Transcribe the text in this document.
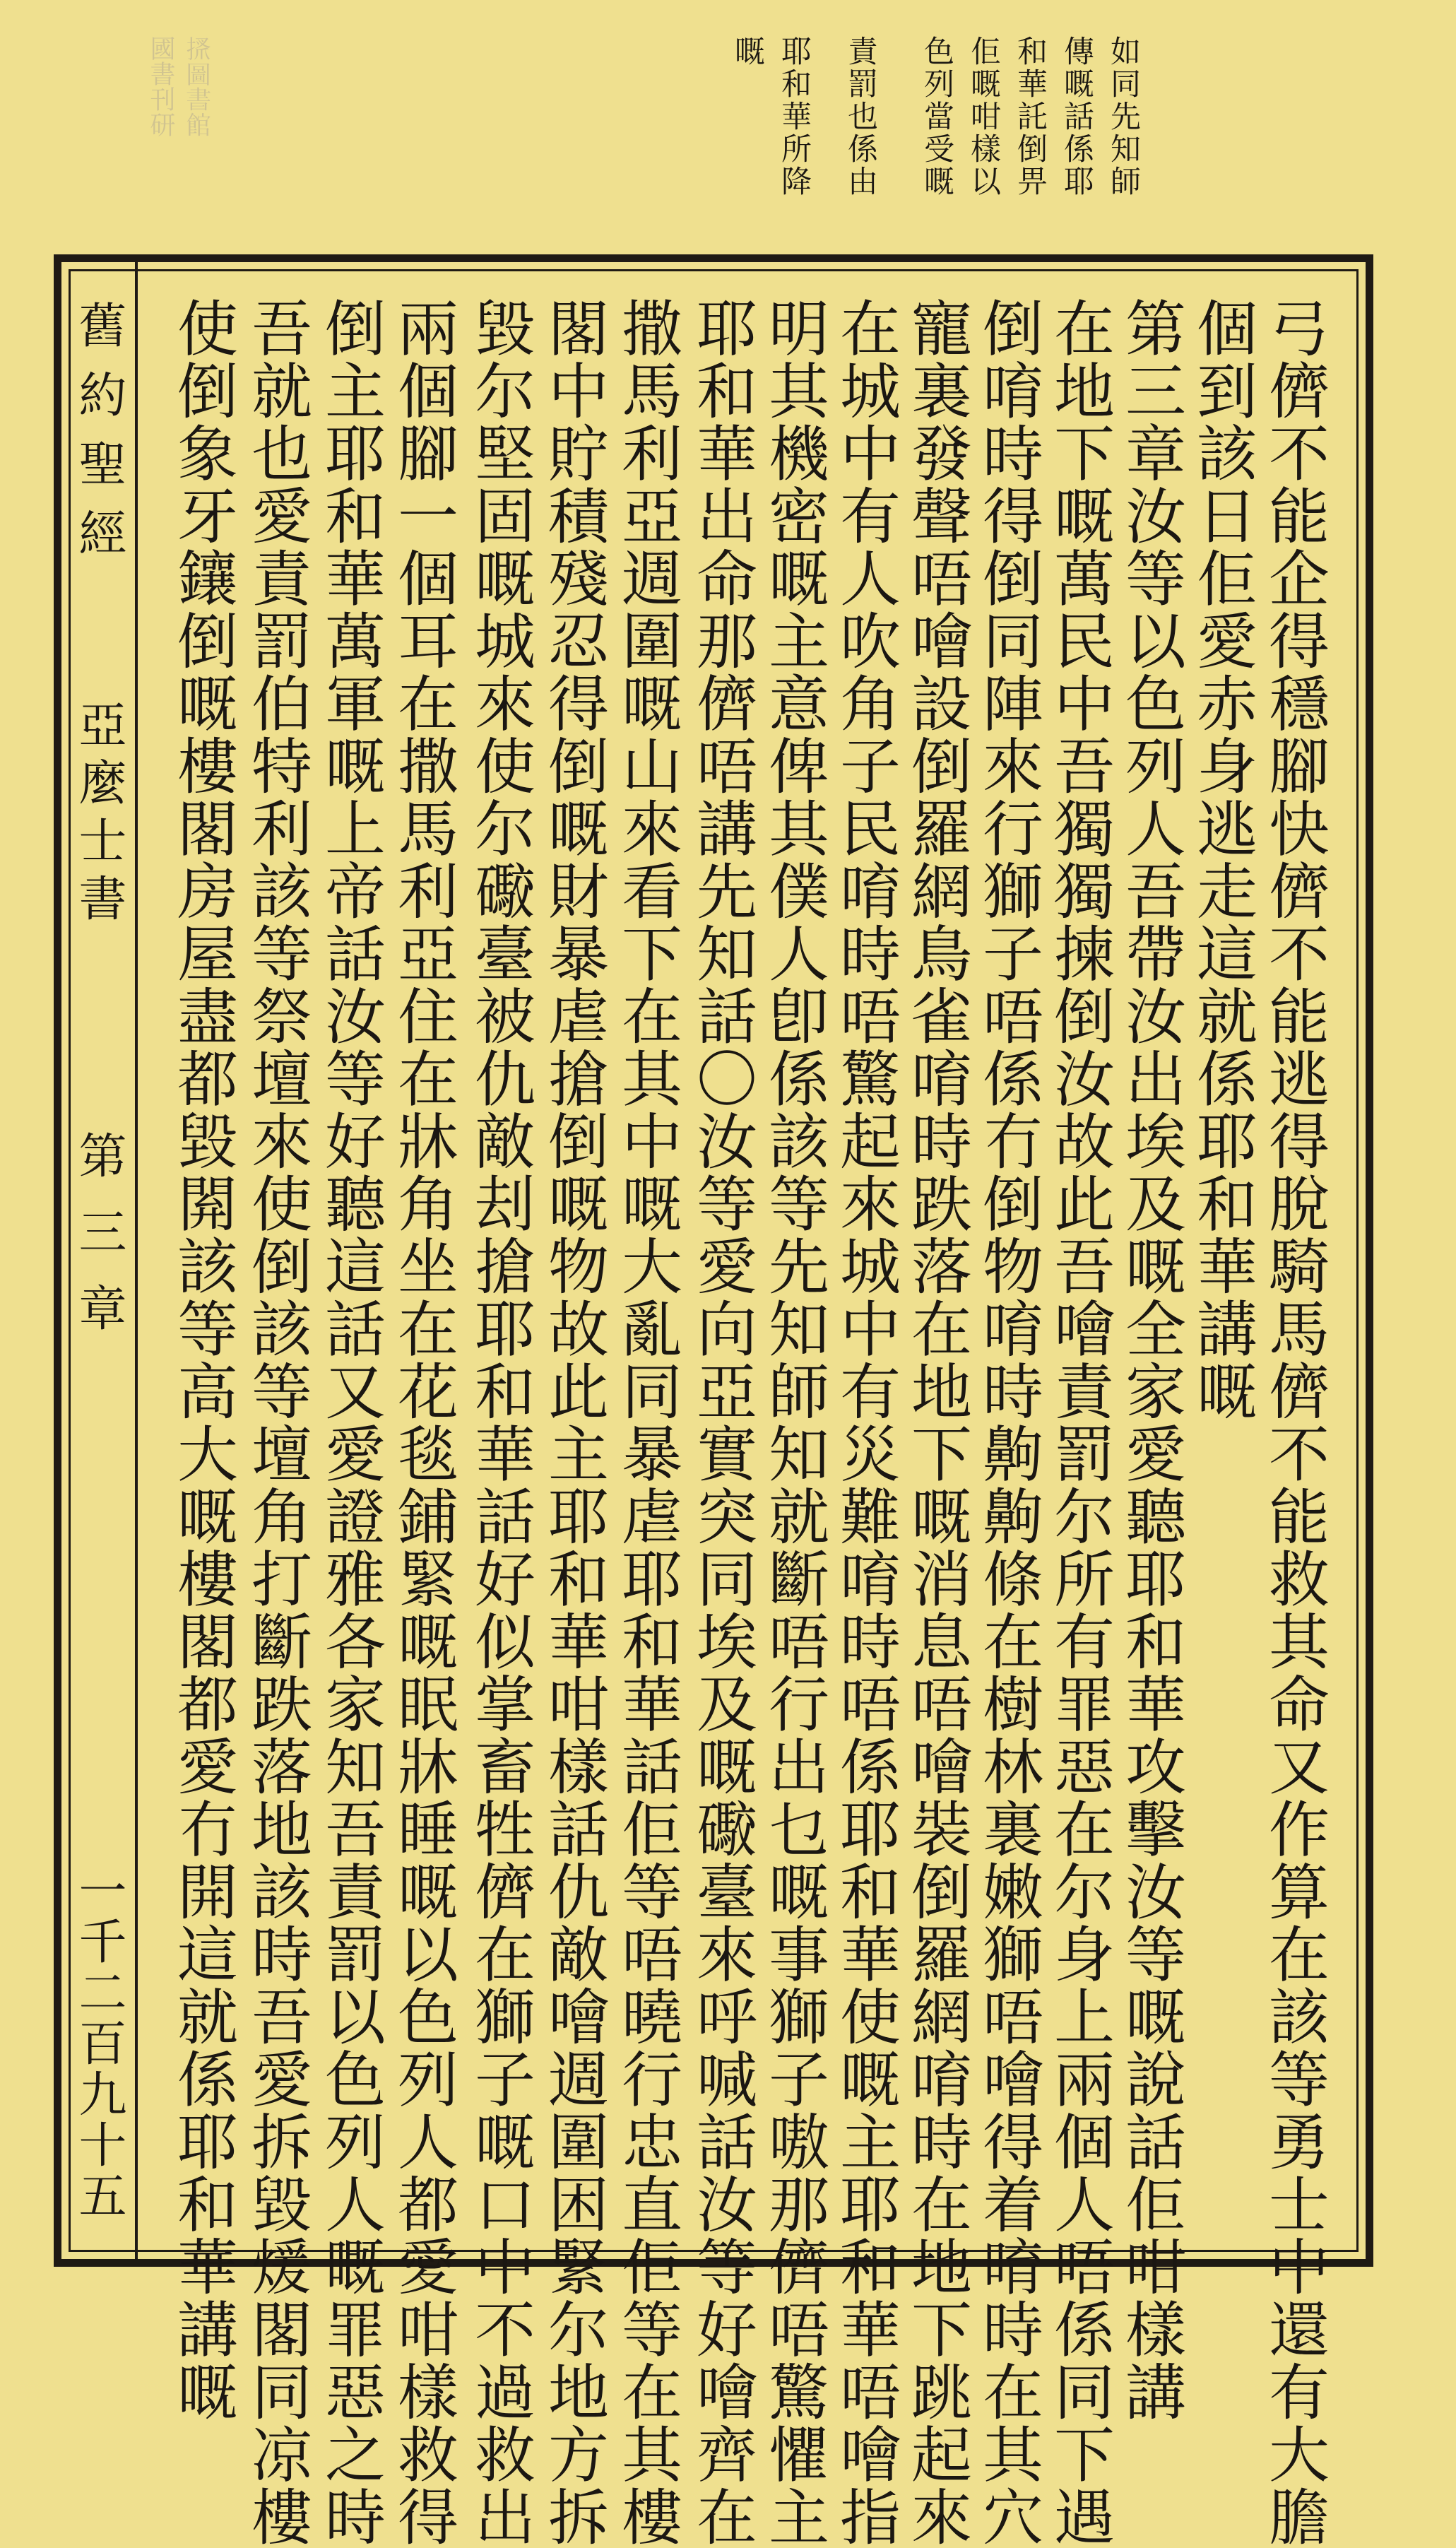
如同先知師
傳嘅話係耶
和華託倒畀
佢嘅咁樣以
色列當受嘅
責罰也係由
耶和華所降
嘅
𢮞圖書館
國書刊研
弓儕不能企得穩腳快儕不能逃得脫騎馬儕不能救其命又作算在該等勇士中還有大膽
個到該日佢愛赤身逃走這就係耶和華講嘅
第三章汝等以色列人吾帶汝出埃及嘅全家愛聽耶和華攻擊汝等嘅說話佢咁樣講
在地下嘅萬民中吾獨獨揀倒汝故此吾噲責罰尔所有罪惡在尔身上兩個人唔係同下遇
倒唷時得倒同陣來行獅子唔係冇倒物唷時齁齁條在樹林裏嫩獅唔噲得着唷時在其穴
寵裏發聲唔噲設倒羅網鳥雀唷時跌落在地下嘅消息唔噲裝倒羅網唷時在地下跳起來
在城中有人吹角子民唷時唔驚起來城中有災難唷時唔係耶和華使嘅主耶和華唔噲指
明其機密嘅主意俾其僕人卽係該等先知師知就斷唔行出乜嘅事獅子嗷那儕唔驚懼主
耶和華出命那儕唔講先知話〇汝等愛向亞實突同埃及嘅礮臺來呼喊話汝等好噲齊在
撒馬利亞週圍嘅山來看下在其中嘅大亂同暴虐耶和華話佢等唔曉行忠直佢等在其樓
閣中貯積殘忍得倒嘅財暴虐搶倒嘅物故此主耶和華咁樣話仇敵噲週圍困緊尔地方拆
毀尔堅固嘅城來使尔礮臺被仇敵刦搶耶和華話好似掌畜牲儕在獅子嘅口中不過救出
兩個腳一個耳在撒馬利亞住在牀角坐在花毯鋪緊嘅眠牀睡嘅以色列人都愛咁樣救得
倒主耶和華萬軍嘅上帝話汝等好聽這話又愛證雅各家知吾責罰以色列人嘅罪惡之時
吾就也愛責罰伯特利該等祭壇來使倒該等壇角打斷跌落地該時吾愛拆毀煖閣同凉樓
使倒象牙鑲倒嘅樓閣房屋盡都毀閞該等高大嘅樓閣都愛冇開這就係耶和華講嘅
舊約聖經
亞麼士書
第三章
一千二百九十五
